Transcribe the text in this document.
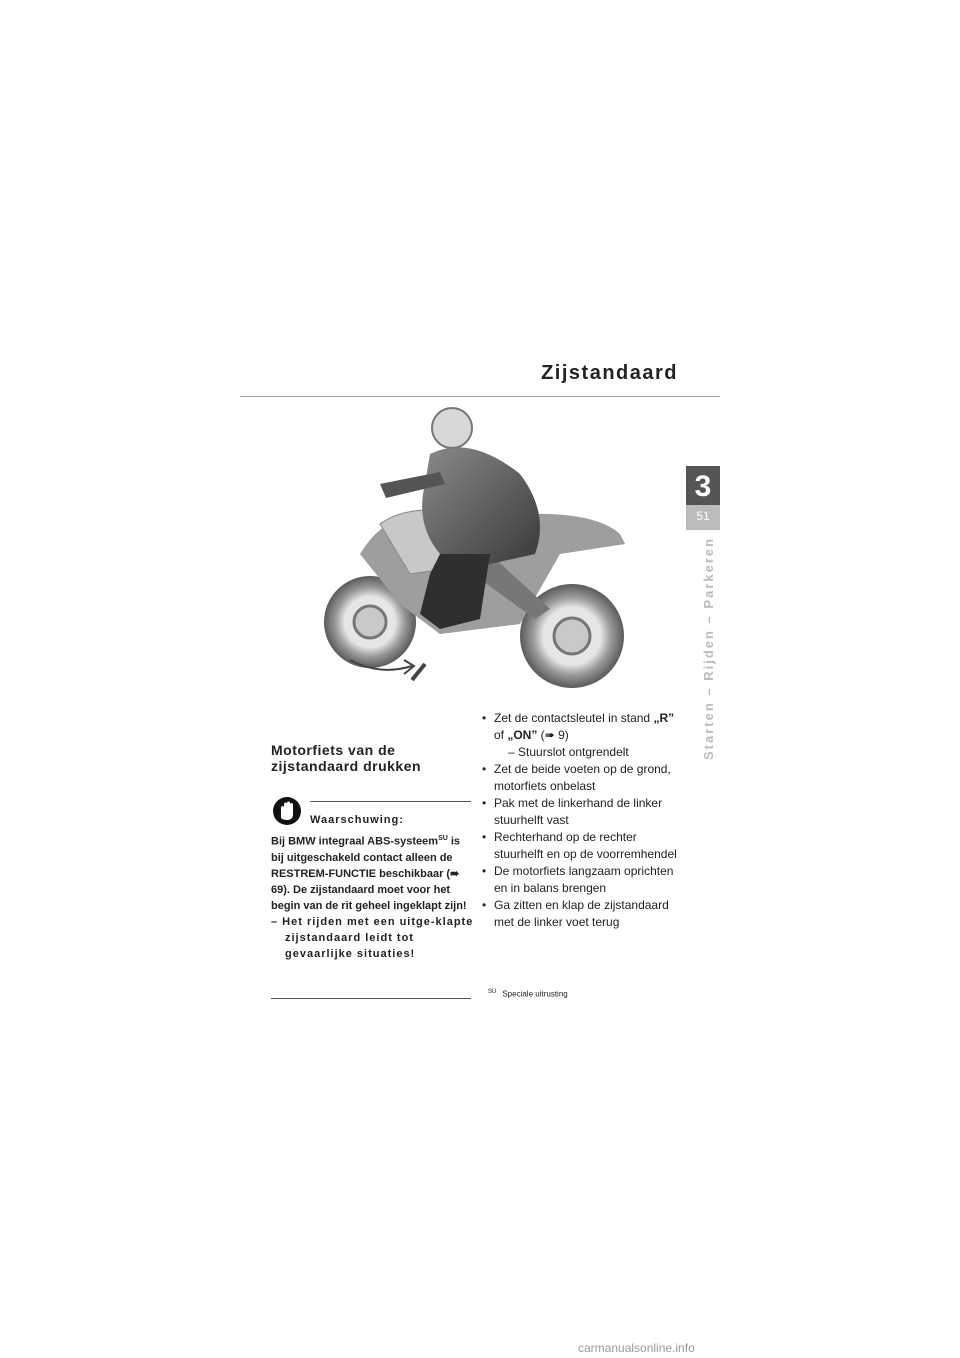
Zijstandaard
3
51
Starten – Rijden – Parkeren
Motorfiets van de zijstandaard drukken
Waarschuwing:
Bij BMW integraal ABS-systeem$^{SU}$ is bij uitgeschakeld contact alleen de RESTREM-FUNCTIE beschikbaar (➠ 69). De zijstandaard moet voor het begin van de rit geheel ingeklapt zijn!
– Het rijden met een uitge-klapte zijstandaard leidt tot gevaarlijke situaties!
• Zet de contactsleutel in stand „R” of „ON” (➠ 9)
– Stuurslot ontgrendelt
• Zet de beide voeten op de grond, motorfiets onbelast
• Pak met de linkerhand de linker stuurhelft vast
• Rechterhand op de rechter stuurhelft en op de voorremhendel
• De motorfiets langzaam oprichten en in balans brengen
• Ga zitten en klap de zijstandaard met de linker voet terug
$^{SU}$ Speciale uitrusting
carmanualsonline.info
